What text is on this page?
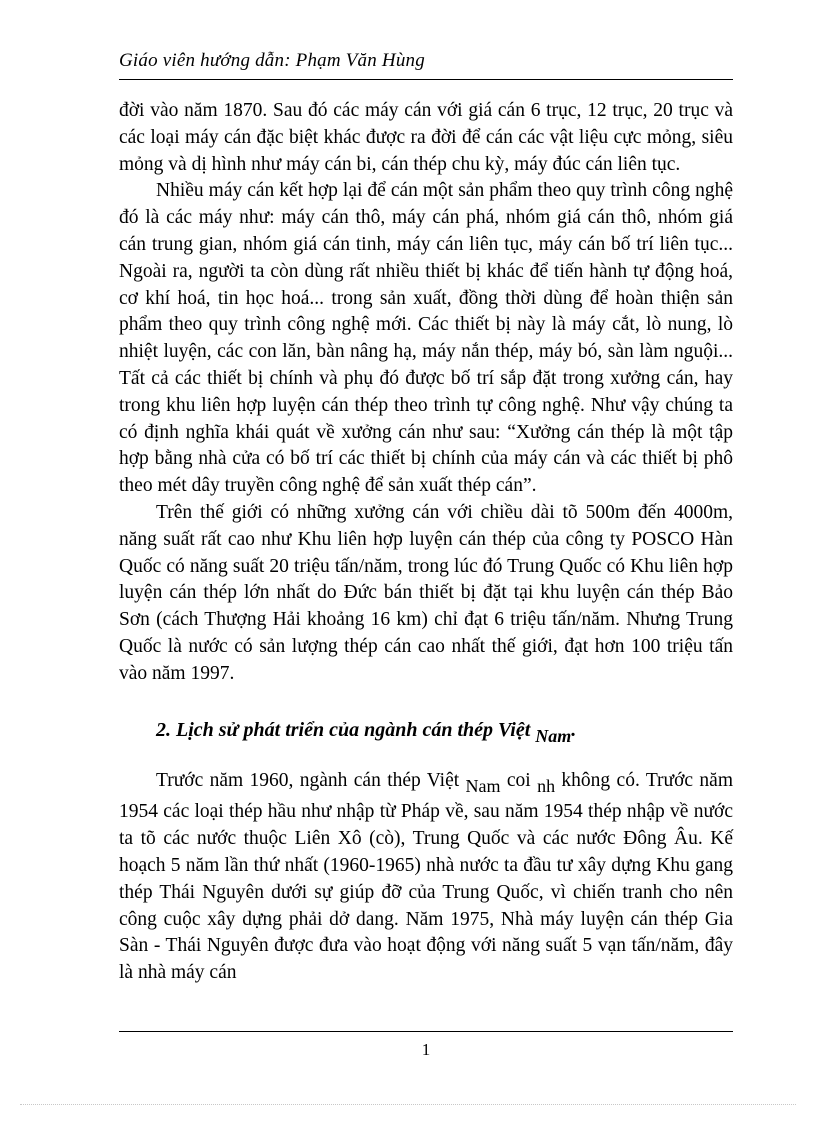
Giáo viên hướng dẫn: Phạm Văn Hùng

đời vào năm 1870. Sau đó các máy cán với giá cán 6 trục, 12 trục, 20 trục và các loại máy cán đặc biệt khác được ra đời để cán các vật liệu cực mỏng, siêu mỏng và dị hình như máy cán bi, cán thép chu kỳ, máy đúc cán liên tục.

Nhiều máy cán kết hợp lại để cán một sản phẩm theo quy trình công nghệ đó là các máy như: máy cán thô, máy cán phá, nhóm giá cán thô, nhóm giá cán trung gian, nhóm giá cán tinh, máy cán liên tục, máy cán bố trí liên tục... Ngoài ra, người ta còn dùng rất nhiều thiết bị khác để tiến hành tự động hoá, cơ khí hoá, tin học hoá... trong sản xuất, đồng thời dùng để hoàn thiện sản phẩm theo quy trình công nghệ mới. Các thiết bị này là máy cắt, lò nung, lò nhiệt luyện, các con lăn, bàn nâng hạ, máy nắn thép, máy bó, sàn làm nguội... Tất cả các thiết bị chính và phụ đó được bố trí sắp đặt trong xưởng cán, hay trong khu liên hợp luyện cán thép theo trình tự công nghệ. Như vậy chúng ta có định nghĩa khái quát về xưởng cán như sau: “Xưởng cán thép là một tập hợp bằng nhà cửa có bố trí các thiết bị chính của máy cán và các thiết bị phô theo mét dây truyền công nghệ để sản xuất thép cán”.

Trên thế giới có những xưởng cán với chiều dài tõ 500m đến 4000m, năng suất rất cao như Khu liên hợp luyện cán thép của công ty POSCO Hàn Quốc có năng suất 20 triệu tấn/năm, trong lúc đó Trung Quốc có Khu liên hợp luyện cán thép lớn nhất do Đức bán thiết bị đặt tại khu luyện cán thép Bảo Sơn (cách Thượng Hải khoảng 16 km) chỉ đạt 6 triệu tấn/năm. Nhưng Trung Quốc là nước có sản lượng thép cán cao nhất thế giới, đạt hơn 100 triệu tấn vào năm 1997.

2. Lịch sử phát triển của ngành cán thép Việt Nam.

Trước năm 1960, ngành cán thép Việt Nam coi nh không có. Trước năm 1954 các loại thép hầu như nhập từ Pháp về, sau năm 1954 thép nhập về nước ta tõ các nước thuộc Liên Xô (cò), Trung Quốc và các nước Đông Âu. Kế hoạch 5 năm lần thứ nhất (1960-1965) nhà nước ta đầu tư xây dựng Khu gang thép Thái Nguyên dưới sự giúp đỡ của Trung Quốc, vì chiến tranh cho nên công cuộc xây dựng phải dở dang. Năm 1975, Nhà máy luyện cán thép Gia Sàn - Thái Nguyên được đưa vào hoạt động với năng suất 5 vạn tấn/năm, đây là nhà máy cán

1
